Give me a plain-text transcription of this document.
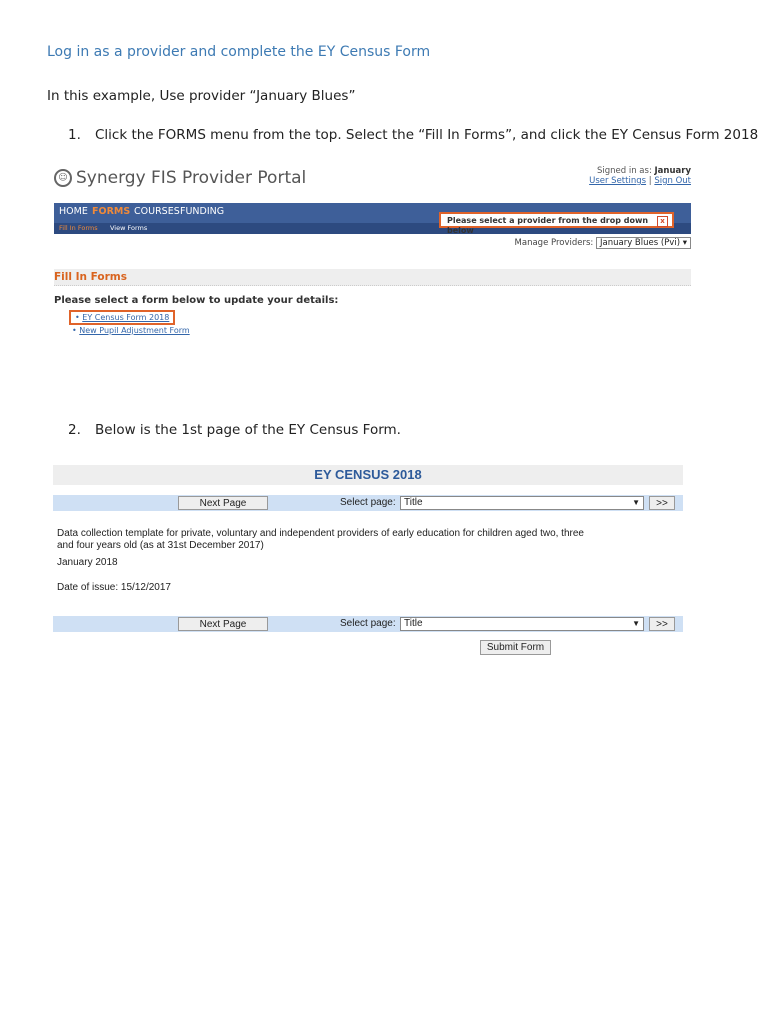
Log in as a provider and complete the EY Census Form
In this example, Use provider “January Blues”
1. Click the FORMS menu from the top. Select the “Fill In Forms”, and click the EY Census Form 2018
☺ Synergy FIS Provider Portal	Signed in as: January
User Settings | Sign Out
HOME FORMS COURSES FUNDING
Fill In Forms View Forms
Please select a provider from the drop down below
x
Manage Providers: January Blues (Pvi) ▾
Fill In Forms
Please select a form below to update your details:
• EY Census Form 2018
• New Pupil Adjustment Form
2. Below is the 1st page of the EY Census Form.
EY CENSUS 2018
Next Page	Select page: Title	▼	>>
Data collection template for private, voluntary and independent providers of early education for children aged two, three
and four years old (as at 31st December 2017)
January 2018
Date of issue: 15/12/2017
Next Page	Select page: Title	▼	>>
Submit Form
